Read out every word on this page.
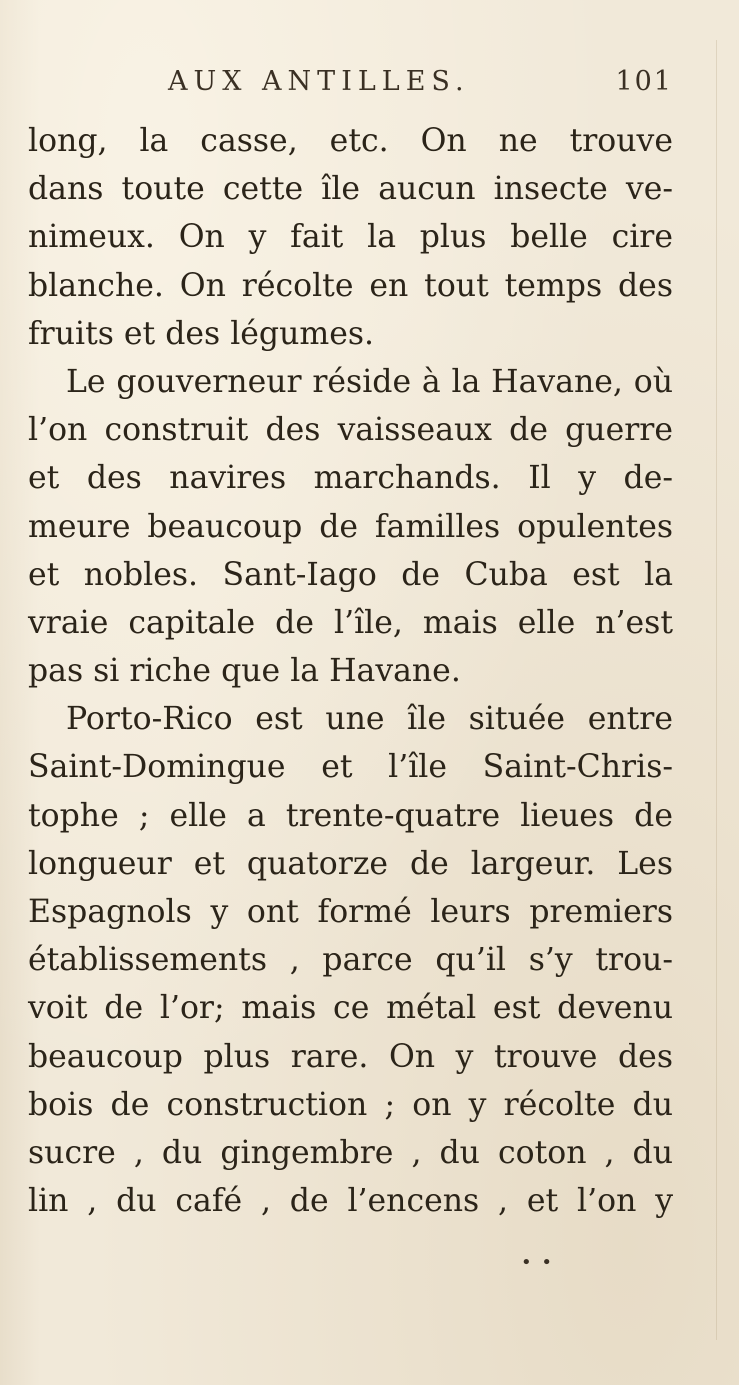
AUX ANTILLES.	101
long, la casse, etc. On ne trouve
dans toute cette île aucun insecte ve-
nimeux. On y fait la plus belle cire
blanche. On récolte en tout temps des
fruits et des légumes.
Le gouverneur réside à la Havane, où
l’on construit des vaisseaux de guerre
et des navires marchands. Il y de-
meure beaucoup de familles opulentes
et nobles. Sant-Iago de Cuba est la
vraie capitale de l’île, mais elle n’est
pas si riche que la Havane.
Porto-Rico est une île située entre
Saint-Domingue et l’île Saint-Chris-
tophe ; elle a trente-quatre lieues de
longueur et quatorze de largeur. Les
Espagnols y ont formé leurs premiers
établissements , parce qu’il s’y trou-
voit de l’or; mais ce métal est devenu
beaucoup plus rare. On y trouve des
bois de construction ; on y récolte du
sucre , du gingembre , du coton , du
lin , du café , de l’encens , et l’on y
• •
